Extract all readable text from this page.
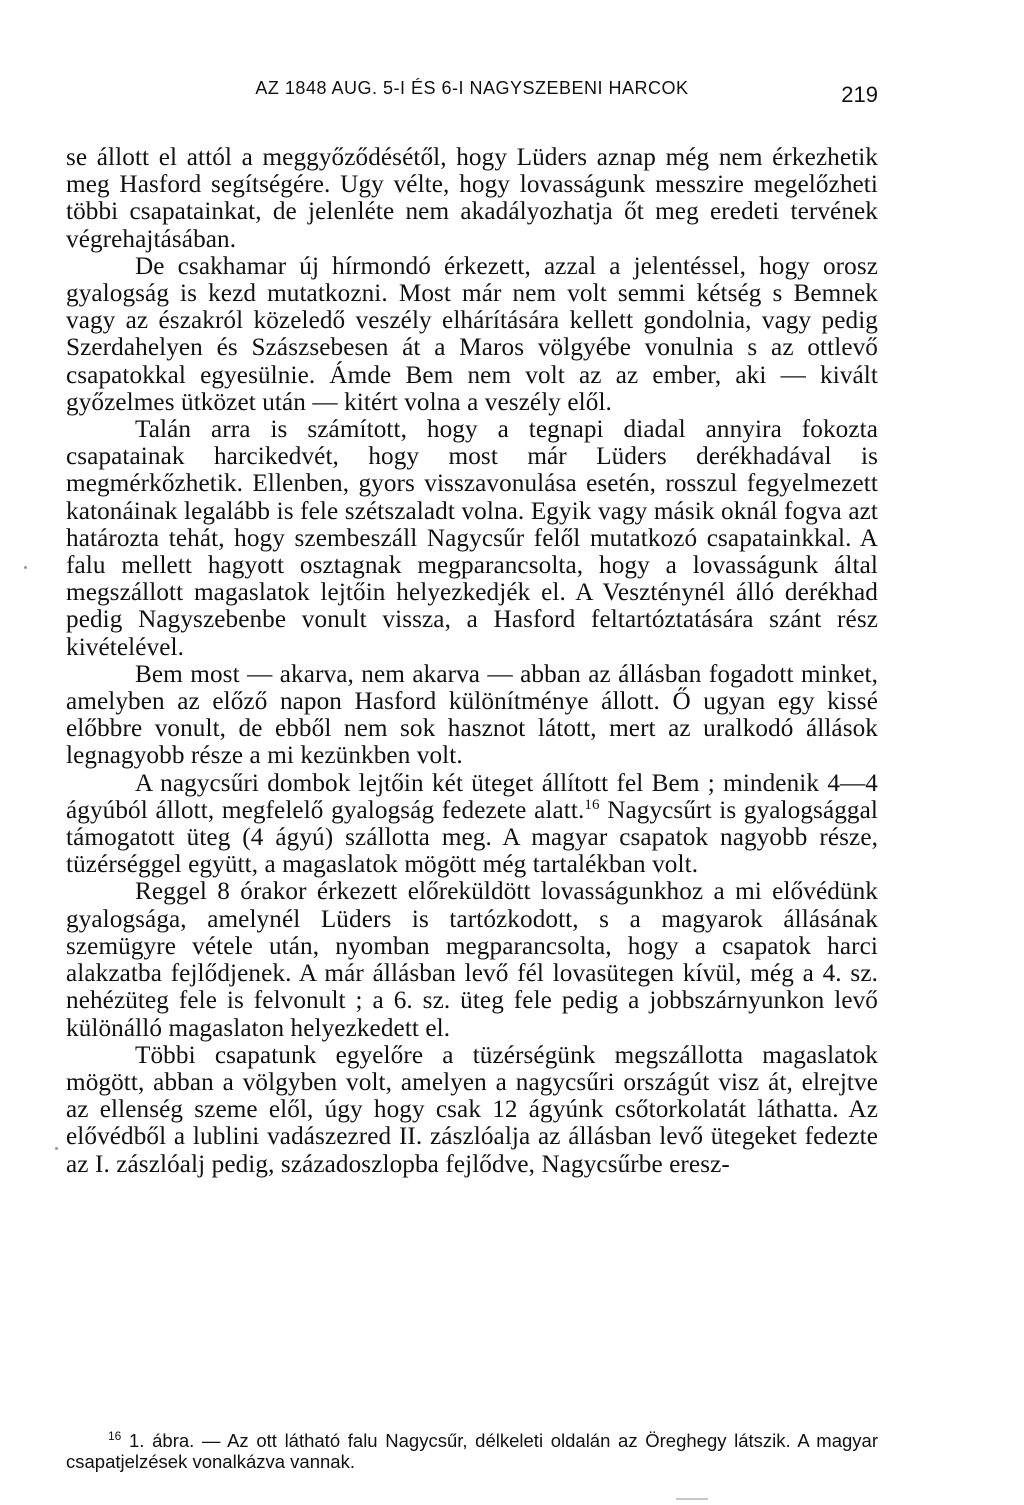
AZ 1848 AUG. 5-I ÉS 6-I NAGYSZEBENI HARCOK	219

se állott el attól a meggyőződésétől, hogy Lüders aznap még nem érkezhetik meg Hasford segítségére. Ugy vélte, hogy lovasságunk messzire megelőzheti többi csapatainkat, de jelenléte nem akadályozhatja őt meg eredeti tervének végrehajtásában.

De csakhamar új hírmondó érkezett, azzal a jelentéssel, hogy orosz gyalogság is kezd mutatkozni. Most már nem volt semmi kétség s Bemnek vagy az északról közeledő veszély elhárítására kellett gondolnia, vagy pedig Szerdahelyen és Szászsebesen át a Maros völgyébe vonulnia s az ottlevő csapatokkal egyesülnie. Ámde Bem nem volt az az ember, aki — kivált győzelmes ütközet után — kitért volna a veszély elől.

Talán arra is számított, hogy a tegnapi diadal annyira fokozta csapatainak harcikedvét, hogy most már Lüders derékhadával is megmérkőzhetik. Ellenben, gyors visszavonulása esetén, rosszul fegyelmezett katonáinak legalább is fele szétszaladt volna. Egyik vagy másik oknál fogva azt határozta tehát, hogy szembeszáll Nagycsűr felől mutatkozó csapatainkkal. A falu mellett hagyott osztagnak megparancsolta, hogy a lovasságunk által megszállott magaslatok lejtőin helyezkedjék el. A Veszténynél álló derékhad pedig Nagyszebenbe vonult vissza, a Hasford feltartóztatására szánt rész kivételével.

Bem most — akarva, nem akarva — abban az állásban fogadott minket, amelyben az előző napon Hasford különítménye állott. Ő ugyan egy kissé előbbre vonult, de ebből nem sok hasznot látott, mert az uralkodó állások legnagyobb része a mi kezünkben volt.

A nagycsűri dombok lejtőin két üteget állított fel Bem ; mindenik 4—4 ágyúból állott, megfelelő gyalogság fedezete alatt.$^{16}$ Nagycsűrt is gyalogsággal támogatott üteg (4 ágyú) szállotta meg. A magyar csapatok nagyobb része, tüzérséggel együtt, a magaslatok mögött még tartalékban volt.

Reggel 8 órakor érkezett előreküldött lovasságunkhoz a mi elővédünk gyalogsága, amelynél Lüders is tartózkodott, s a magyarok állásának szemügyre vétele után, nyomban megparancsolta, hogy a csapatok harci alakzatba fejlődjenek. A már állásban levő fél lovasütegen kívül, még a 4. sz. nehézüteg fele is felvonult ; a 6. sz. üteg fele pedig a jobbszárnyunkon levő különálló magaslaton helyezkedett el.

Többi csapatunk egyelőre a tüzérségünk megszállotta magaslatok mögött, abban a völgyben volt, amelyen a nagycsűri országút visz át, elrejtve az ellenség szeme elől, úgy hogy csak 12 ágyúnk csőtorkolatát láthatta. Az elővédből a lublini vadászezred II. zászlóalja az állásban levő ütegeket fedezte az I. zászlóalj pedig, századoszlopba fejlődve, Nagycsűrbe eresz-

$^{16}$ 1. ábra. — Az ott látható falu Nagycsűr, délkeleti oldalán az Öreghegy látszik. A magyar csapatjelzések vonalkázva vannak.
